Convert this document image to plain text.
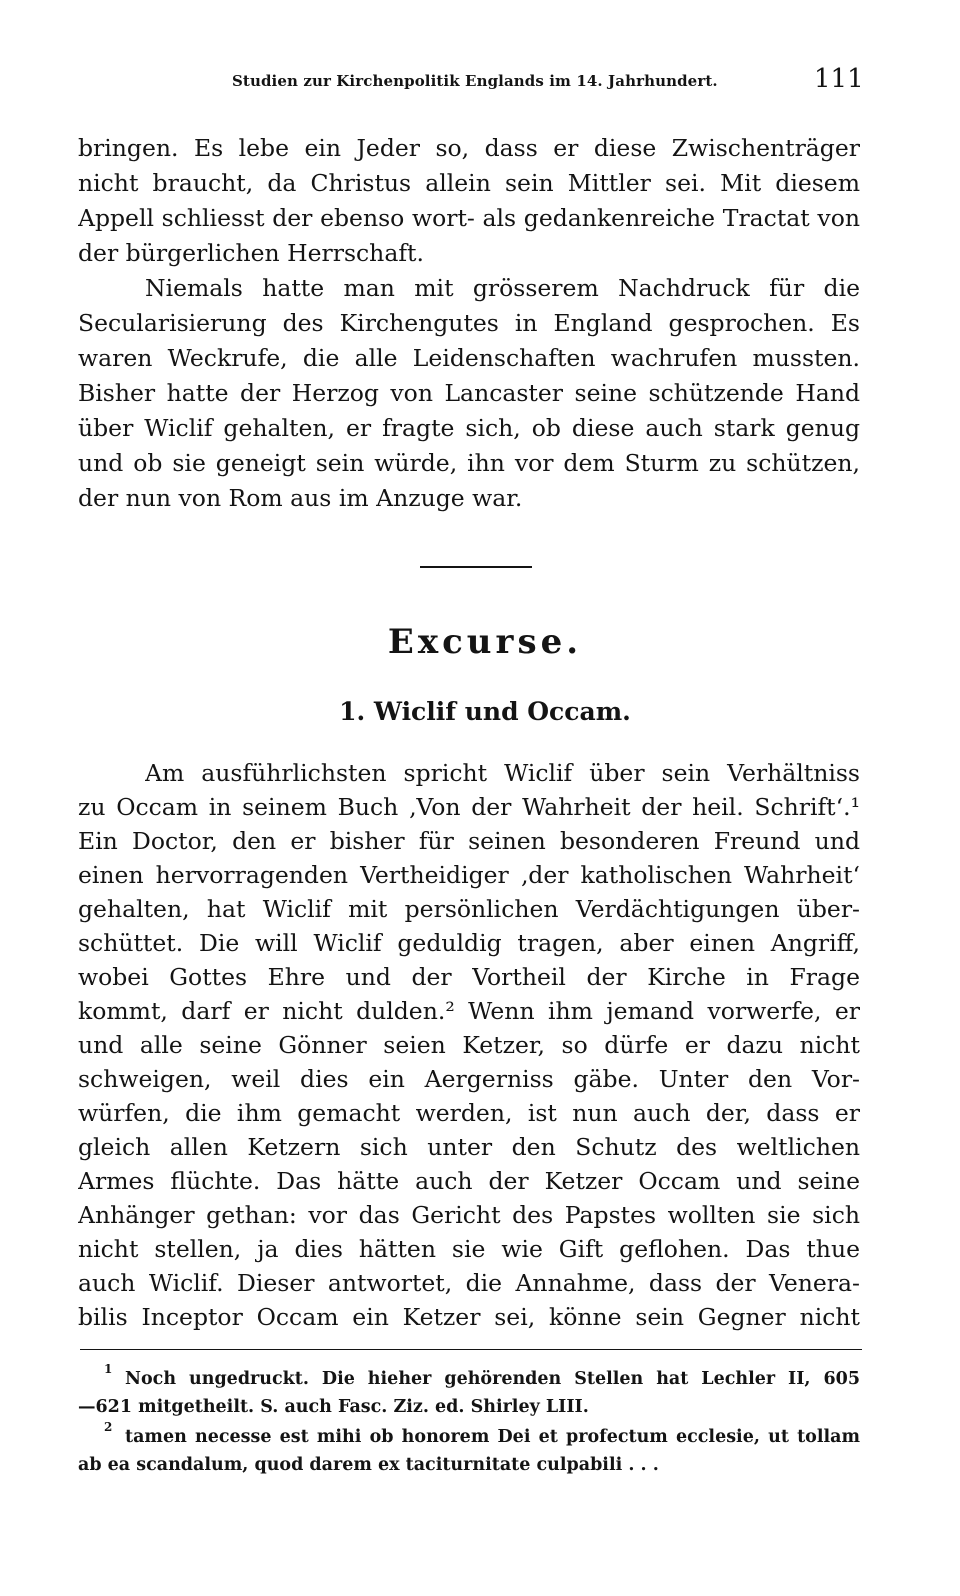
Studien zur Kirchenpolitik Englands im 14. Jahrhundert.	111
bringen. Es lebe ein Jeder so, dass er diese Zwischenträger
nicht braucht, da Christus allein sein Mittler sei. Mit diesem
Appell schliesst der ebenso wort- als gedankenreiche Tractat von
der bürgerlichen Herrschaft.
Niemals hatte man mit grösserem Nachdruck für die
Secularisierung des Kirchengutes in England gesprochen. Es
waren Weckrufe, die alle Leidenschaften wachrufen mussten.
Bisher hatte der Herzog von Lancaster seine schützende Hand
über Wiclif gehalten, er fragte sich, ob diese auch stark genug
und ob sie geneigt sein würde, ihn vor dem Sturm zu schützen,
der nun von Rom aus im Anzuge war.
Excurse.
1. Wiclif und Occam.
Am ausführlichsten spricht Wiclif über sein Verhältniss
zu Occam in seinem Buch ‚Von der Wahrheit der heil. Schrift‘.¹
Ein Doctor, den er bisher für seinen besonderen Freund und
einen hervorragenden Vertheidiger ‚der katholischen Wahrheit‘
gehalten, hat Wiclif mit persönlichen Verdächtigungen über-
schüttet. Die will Wiclif geduldig tragen, aber einen Angriff,
wobei Gottes Ehre und der Vortheil der Kirche in Frage
kommt, darf er nicht dulden.² Wenn ihm jemand vorwerfe, er
und alle seine Gönner seien Ketzer, so dürfe er dazu nicht
schweigen, weil dies ein Aergerniss gäbe. Unter den Vor-
würfen, die ihm gemacht werden, ist nun auch der, dass er
gleich allen Ketzern sich unter den Schutz des weltlichen
Armes flüchte. Das hätte auch der Ketzer Occam und seine
Anhänger gethan: vor das Gericht des Papstes wollten sie sich
nicht stellen, ja dies hätten sie wie Gift geflohen. Das thue
auch Wiclif. Dieser antwortet, die Annahme, dass der Venera-
bilis Inceptor Occam ein Ketzer sei, könne sein Gegner nicht
1 Noch ungedruckt. Die hieher gehörenden Stellen hat Lechler II, 605
—621 mitgetheilt. S. auch Fasc. Ziz. ed. Shirley LIII.
2 tamen necesse est mihi ob honorem Dei et profectum ecclesie, ut tollam
ab ea scandalum, quod darem ex taciturnitate culpabili . . .
